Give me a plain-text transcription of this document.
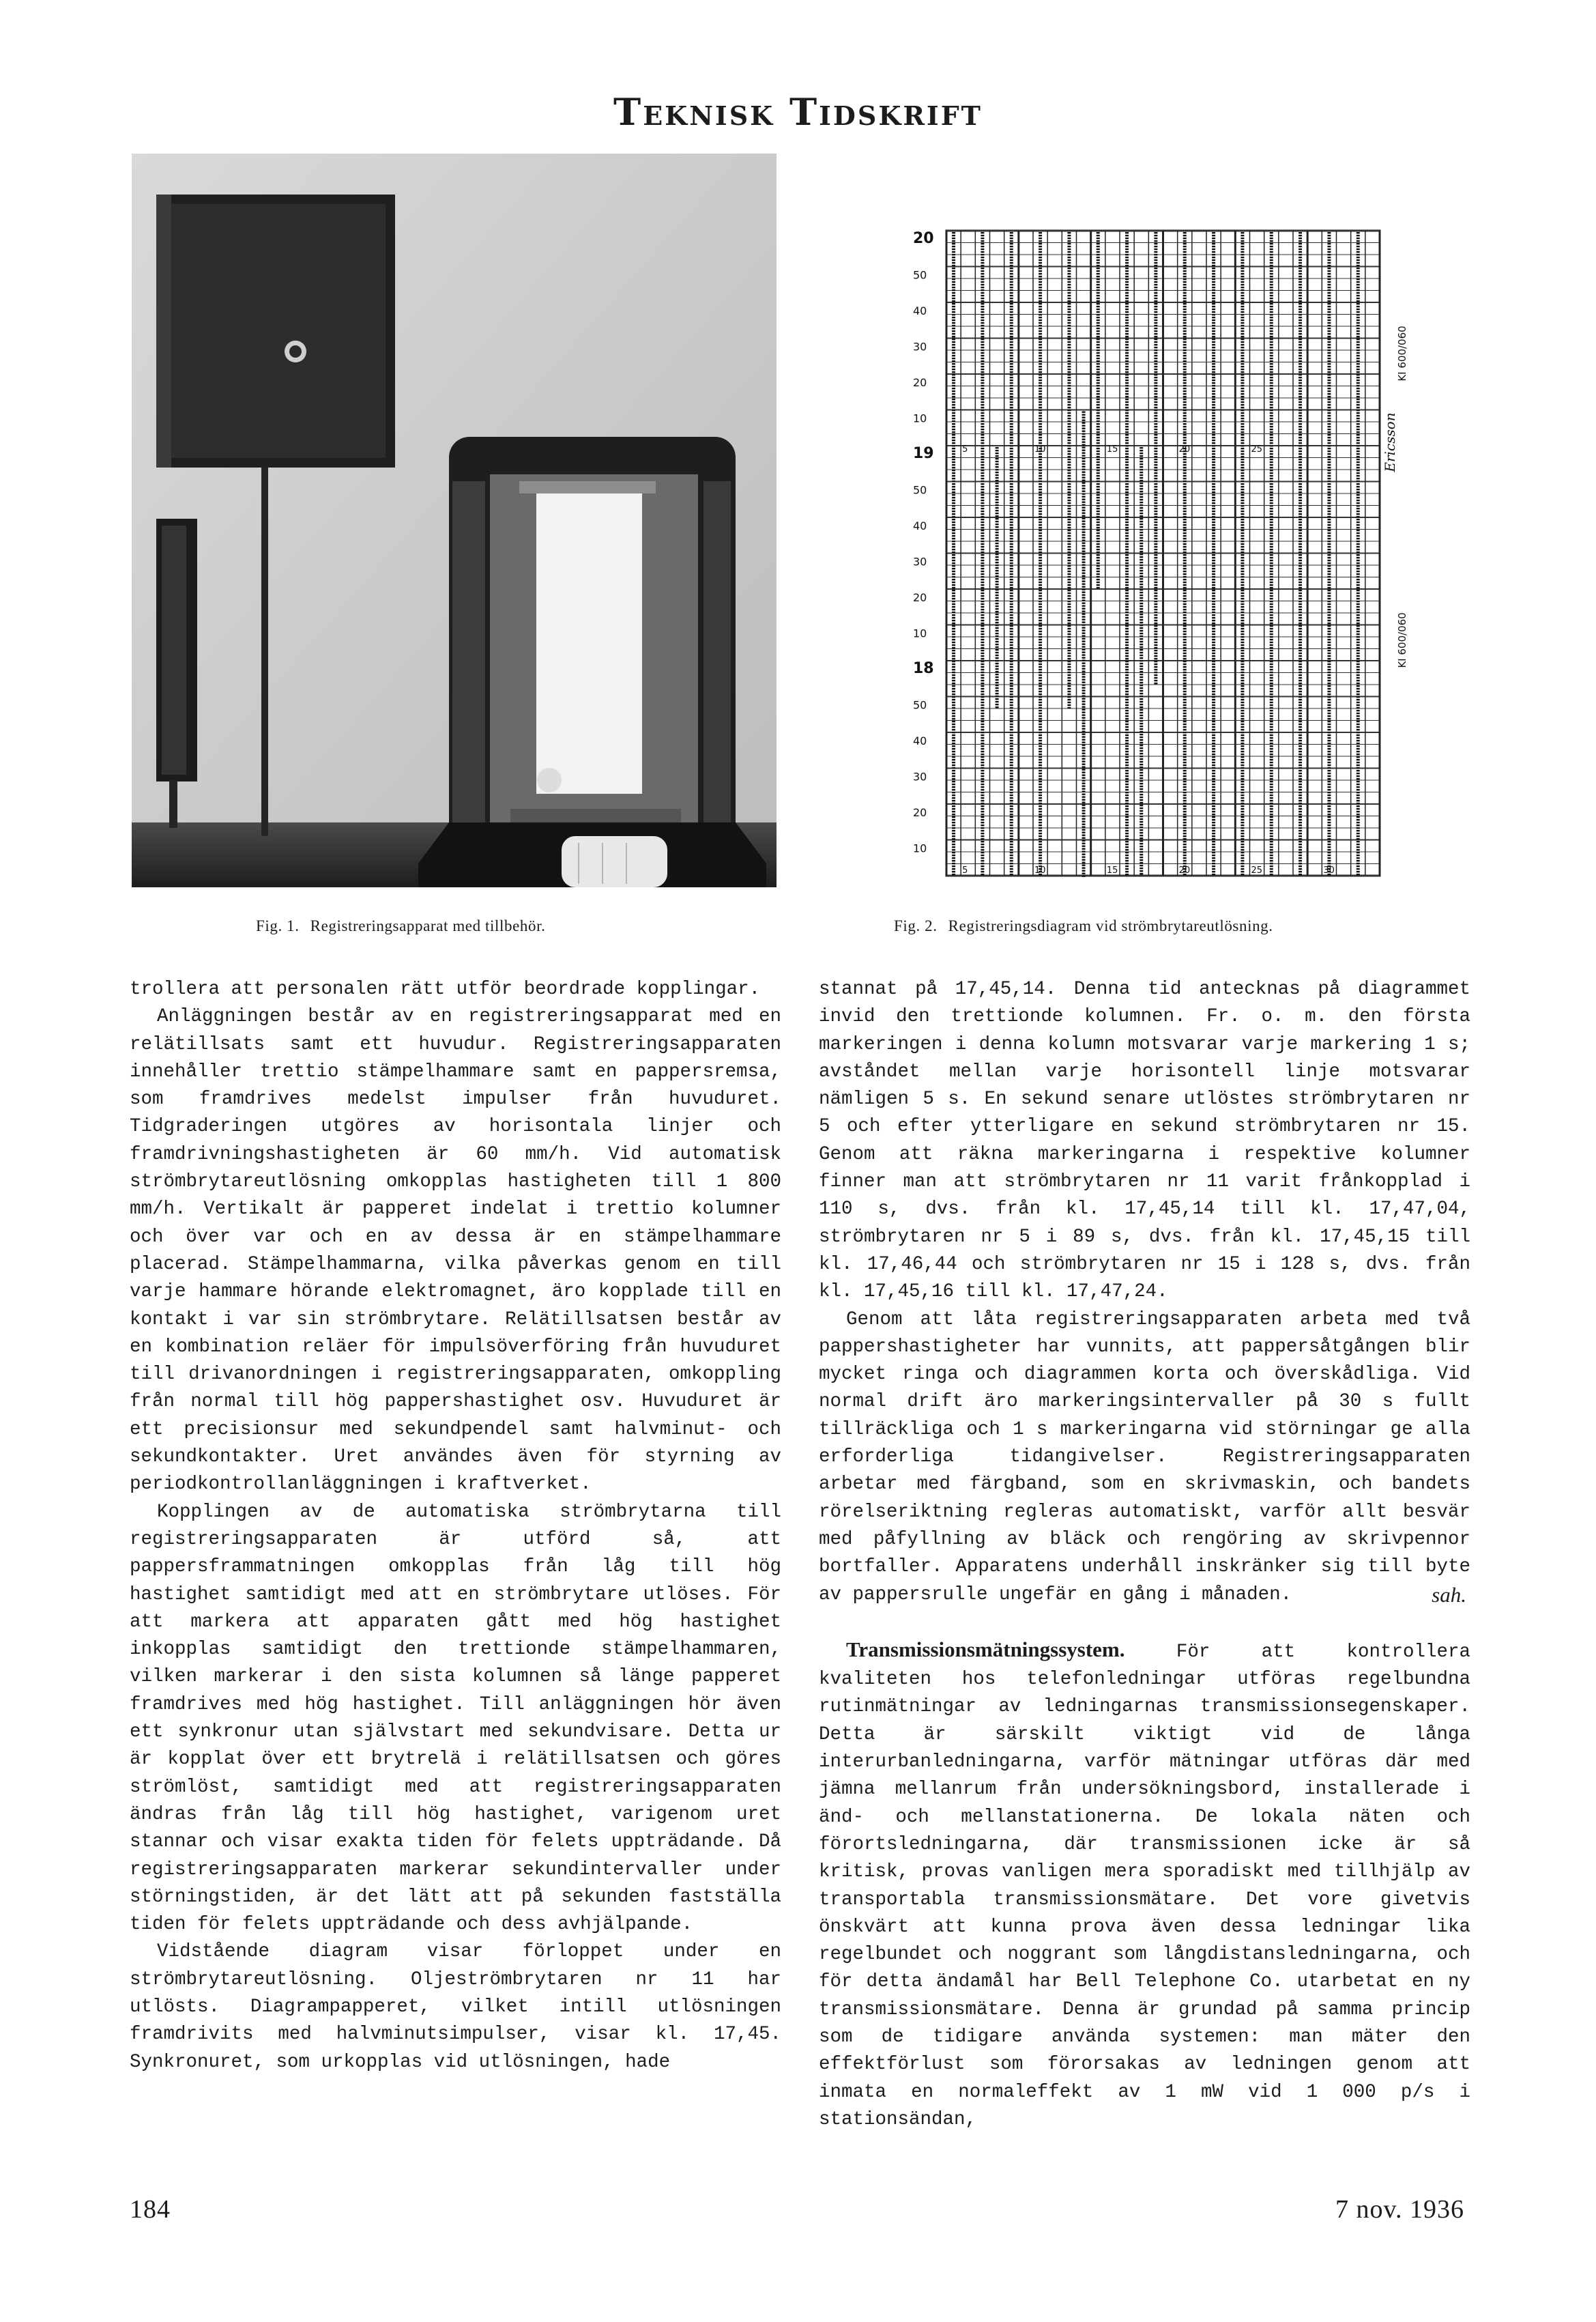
Teknisk Tidskrift
20
50
40
30
20
10
19
50
40
30
20
10
18
50
40
30
20
10
5	10	15	20	25
5	10	15	20	25	30
KI 600/060
KI 600/060
Ericsson
Fig. 1. Registreringsapparat med tillbehör.	Fig. 2. Registreringsdiagram vid strömbrytareutlösning.

trollera att personalen rätt utför beordrade kopplingar.

Anläggningen består av en registreringsapparat med en relätillsats samt ett huvudur. Registreringsapparaten innehåller trettio stämpelhammare samt en pappersremsa, som framdrives medelst impulser från huvuduret. Tidgraderingen utgöres av horisontala linjer och framdrivningshastigheten är 60 mm/h. Vid automatisk strömbrytareutlösning omkopplas hastigheten till 1 800 mm/h. Vertikalt är papperet indelat i trettio kolumner och över var och en av dessa är en stämpelhammare placerad. Stämpelhammarna, vilka påverkas genom en till varje hammare hörande elektromagnet, äro kopplade till en kontakt i var sin strömbrytare. Relätillsatsen består av en kombination reläer för impulsöverföring från huvuduret till drivanordningen i registreringsapparaten, omkoppling från normal till hög pappershastighet osv. Huvuduret är ett precisionsur med sekundpendel samt halvminut- och sekundkontakter. Uret användes även för styrning av periodkontrollanläggningen i kraftverket.

Kopplingen av de automatiska strömbrytarna till registreringsapparaten är utförd så, att pappersframmatningen omkopplas från låg till hög hastighet samtidigt med att en strömbrytare utlöses. För att markera att apparaten gått med hög hastighet inkopplas samtidigt den trettionde stämpelhammaren, vilken markerar i den sista kolumnen så länge papperet framdrives med hög hastighet. Till anläggningen hör även ett synkronur utan självstart med sekundvisare. Detta ur är kopplat över ett brytrelä i relätillsatsen och göres strömlöst, samtidigt med att registreringsapparaten ändras från låg till hög hastighet, varigenom uret stannar och visar exakta tiden för felets uppträdande. Då registreringsapparaten markerar sekundintervaller under störningstiden, är det lätt att på sekunden fastställa tiden för felets uppträdande och dess avhjälpande.

Vidstående diagram visar förloppet under en strömbrytareutlösning. Oljeströmbrytaren nr 11 har utlösts. Diagrampapperet, vilket intill utlösningen framdrivits med halvminutsimpulser, visar kl. 17,45. Synkronuret, som urkopplas vid utlösningen, hade

stannat på 17,45,14. Denna tid antecknas på diagrammet invid den trettionde kolumnen. Fr. o. m. den första markeringen i denna kolumn motsvarar varje markering 1 s; avståndet mellan varje horisontell linje motsvarar nämligen 5 s. En sekund senare utlöstes strömbrytaren nr 5 och efter ytterligare en sekund strömbrytaren nr 15. Genom att räkna markeringarna i respektive kolumner finner man att strömbrytaren nr 11 varit frånkopplad i 110 s, dvs. från kl. 17,45,14 till kl. 17,47,04, strömbrytaren nr 5 i 89 s, dvs. från kl. 17,45,15 till kl. 17,46,44 och strömbrytaren nr 15 i 128 s, dvs. från kl. 17,45,16 till kl. 17,47,24.

Genom att låta registreringsapparaten arbeta med två pappershastigheter har vunnits, att pappersåtgången blir mycket ringa och diagrammen korta och överskådliga. Vid normal drift äro markeringsintervaller på 30 s fullt tillräckliga och 1 s markeringarna vid störningar ge alla erforderliga tidangivelser. Registreringsapparaten arbetar med färgband, som en skrivmaskin, och bandets rörelseriktning regleras automatiskt, varför allt besvär med påfyllning av bläck och rengöring av skrivpennor bortfaller. Apparatens underhåll inskränker sig till byte av pappersrulle ungefär en gång i månaden.	sah.

Transmissionsmätningssystem.	För att kontrollera kvaliteten hos telefonledningar utföras regelbundna rutinmätningar av ledningarnas transmissionsegenskaper. Detta är särskilt viktigt vid de långa interurbanledningarna, varför mätningar utföras där med jämna mellanrum från undersökningsbord, installerade i änd- och mellanstationerna. De lokala näten och förortsledningarna, där transmissionen icke är så kritisk, provas vanligen mera sporadiskt med tillhjälp av transportabla transmissionsmätare. Det vore givetvis önskvärt att kunna prova även dessa ledningar lika regelbundet och noggrant som långdistansledningarna, och för detta ändamål har Bell Telephone Co. utarbetat en ny transmissionsmätare. Denna är grundad på samma princip som de tidigare använda systemen: man mäter den effektförlust som förorsakas av ledningen genom att inmata en normaleffekt av 1 mW vid 1 000 p/s i stationsändan,

184	7 nov. 1936
